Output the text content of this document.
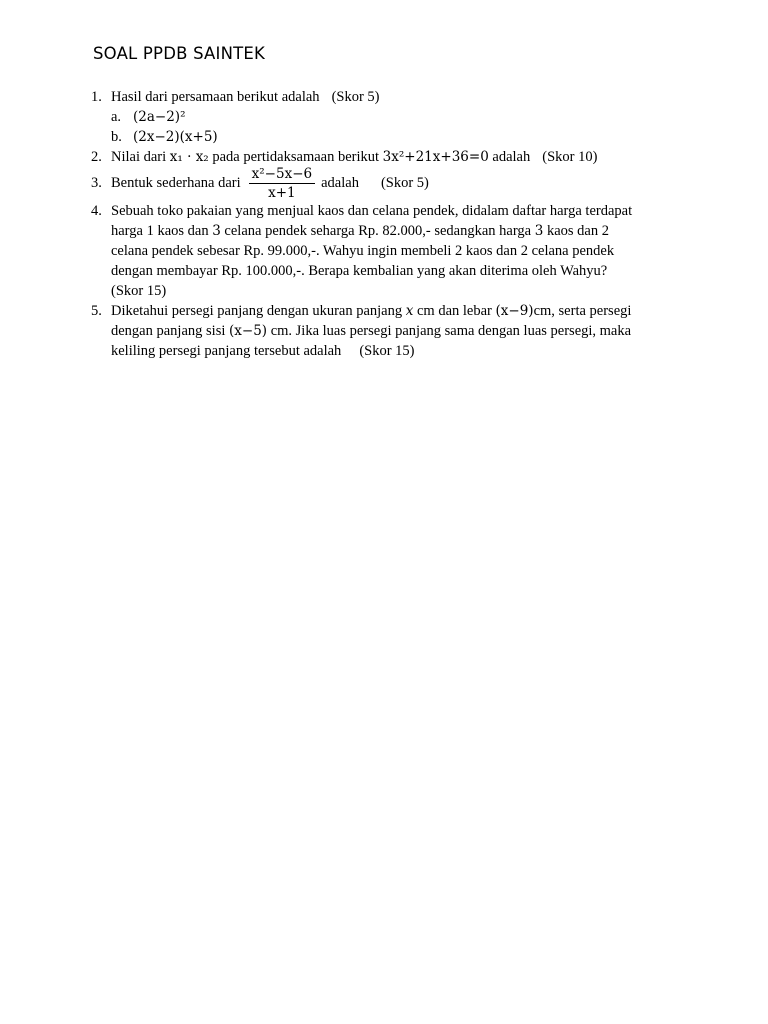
SOAL PPDB SAINTEK
1. Hasil dari persamaan berikut adalah (Skor 5)
a. (2a−2)²
b. (2x−2)(x+5)
2. Nilai dari x₁ · x₂ pada pertidaksamaan berikut 3x²+21x+36=0 adalah (Skor 10)
3. Bentuk sederhana dari $\frac{\text{x²−5x−6}}{x+1}$ adalah (Skor 5)
4. Sebuah toko pakaian yang menjual kaos dan celana pendek, didalam daftar harga terdapat
harga 1 kaos dan 3 celana pendek seharga Rp. 82.000,- sedangkan harga 3 kaos dan 2
celana pendek sebesar Rp. 99.000,-. Wahyu ingin membeli 2 kaos dan 2 celana pendek
dengan membayar Rp. 100.000,-. Berapa kembalian yang akan diterima oleh Wahyu?
(Skor 15)
5. Diketahui persegi panjang dengan ukuran panjang x cm dan lebar (x−9)cm, serta persegi
dengan panjang sisi (x−5) cm. Jika luas persegi panjang sama dengan luas persegi, maka
keliling persegi panjang tersebut adalah (Skor 15)
